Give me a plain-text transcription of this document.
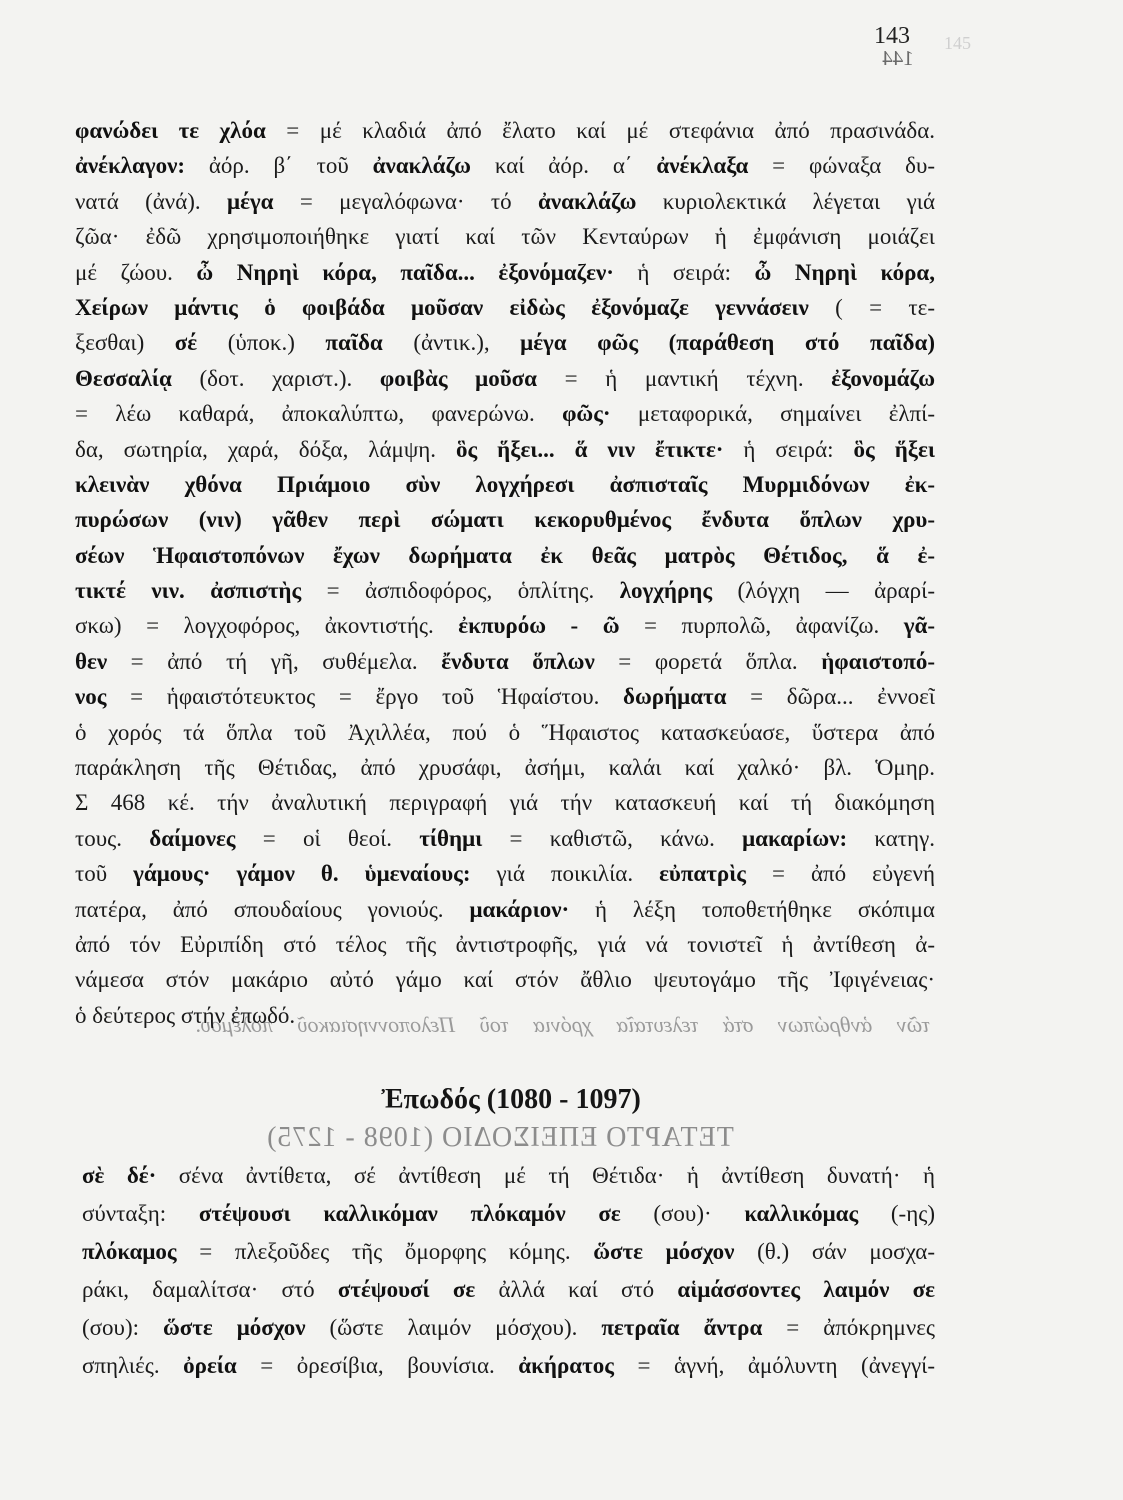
144
145
τῶν ἀνθρώπων στά τελευταῖα χρόνια τοῦ Πελοποννησιακοῦ πολέμου.
ΤΕΤΑΡΤΟ ΕΠΕΙΣΟΔΙΟ (1098 - 1275)
143
φανώδει τε χλόα = μέ κλαδιά ἀπό ἔλατο καί μέ στεφάνια ἀπό πρασινάδα.
ἀνέκλαγον: ἀόρ. β΄ τοῦ ἀνακλάζω καί ἀόρ. α΄ ἀνέκλαξα = φώναξα δυ-
νατά (ἀνά). μέγα = μεγαλόφωνα· τό ἀνακλάζω κυριολεκτικά λέγεται γιά
ζῶα· ἐδῶ χρησιμοποιήθηκε γιατί καί τῶν Κενταύρων ἡ ἐμφάνιση μοιάζει
μέ ζώου. ὦ Νηρηὶ κόρα, παῖδα... ἐξονόμαζεν· ἡ σειρά: ὦ Νηρηὶ κόρα,
Χείρων μάντις ὁ φοιβάδα μοῦσαν εἰδὼς ἐξονόμαζε γεννάσειν ( = τε-
ξεσθαι) σέ (ὑποκ.) παῖδα (ἀντικ.), μέγα φῶς (παράθεση στό παῖδα)
Θεσσαλίᾳ (δοτ. χαριστ.). φοιβὰς μοῦσα = ἡ μαντική τέχνη. ἐξονομάζω
= λέω καθαρά, ἀποκαλύπτω, φανερώνω. φῶς· μεταφορικά, σημαίνει ἐλπί-
δα, σωτηρία, χαρά, δόξα, λάμψη. ὃς ἥξει... ἅ νιν ἔτικτε· ἡ σειρά: ὃς ἥξει
κλεινὰν χθόνα Πριάμοιο σὺν λογχήρεσι ἀσπισταῖς Μυρμιδόνων ἐκ-
πυρώσων (νιν) γᾶθεν περὶ σώματι κεκορυθμένος ἔνδυτα ὅπλων χρυ-
σέων Ἡφαιστοπόνων ἔχων δωρήματα ἐκ θεᾶς ματρὸς Θέτιδος, ἅ ἐ-
τικτέ νιν. ἀσπιστὴς = ἀσπιδοφόρος, ὁπλίτης. λογχήρης (λόγχη — ἀραρί-
σκω) = λογχοφόρος, ἀκοντιστής. ἐκπυρόω - ῶ = πυρπολῶ, ἀφανίζω. γᾶ-
θεν = ἀπό τή γῆ, συθέμελα. ἔνδυτα ὅπλων = φορετά ὅπλα. ἡφαιστοπό-
νος = ἡφαιστότευκτος = ἔργο τοῦ Ἡφαίστου. δωρήματα = δῶρα... ἐννοεῖ
ὁ χορός τά ὅπλα τοῦ Ἀχιλλέα, πού ὁ Ἥφαιστος κατασκεύασε, ὕστερα ἀπό
παράκληση τῆς Θέτιδας, ἀπό χρυσάφι, ἀσήμι, καλάι καί χαλκό· βλ. Ὁμηρ.
Σ 468 κέ. τήν ἀναλυτική περιγραφή γιά τήν κατασκευή καί τή διακόμηση
τους. δαίμονες = οἱ θεοί. τίθημι = καθιστῶ, κάνω. μακαρίων: κατηγ.
τοῦ γάμους· γάμον θ. ὑμεναίους: γιά ποικιλία. εὐπατρὶς = ἀπό εὐγενή
πατέρα, ἀπό σπουδαίους γονιούς. μακάριον· ἡ λέξη τοποθετήθηκε σκόπιμα
ἀπό τόν Εὐριπίδη στό τέλος τῆς ἀντιστροφῆς, γιά νά τονιστεῖ ἡ ἀντίθεση ἀ-
νάμεσα στόν μακάριο αὐτό γάμο καί στόν ἄθλιο ψευτογάμο τῆς Ἰφιγένειας·
ὁ δεύτερος στήν ἐπωδό.
Ἐπωδός (1080 - 1097)
σὲ δέ· σένα ἀντίθετα, σέ ἀντίθεση μέ τή Θέτιδα· ἡ ἀντίθεση δυνατή· ἡ
σύνταξη: στέψουσι καλλικόμαν πλόκαμόν σε (σου)· καλλικόμας (-ης)
πλόκαμος = πλεξοῦδες τῆς ὄμορφης κόμης. ὥστε μόσχον (θ.) σάν μοσχα-
ράκι, δαμαλίτσα· στό στέψουσί σε ἀλλά καί στό αἱμάσσοντες λαιμόν σε
(σου): ὥστε μόσχον (ὥστε λαιμόν μόσχου). πετραῖα ἄντρα = ἀπόκρημνες
σπηλιές. ὀρεία = ὀρεσίβια, βουνίσια. ἀκήρατος = ἁγνή, ἀμόλυντη (ἀνεγγί-
